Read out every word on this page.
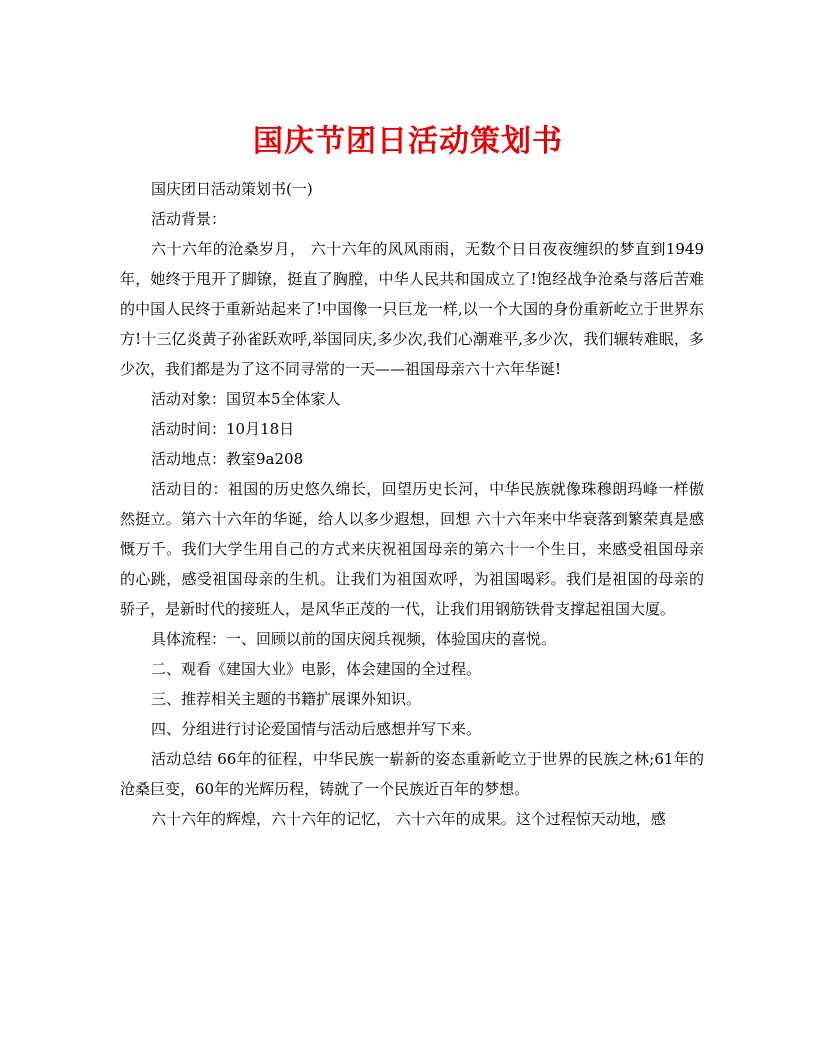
国庆节团日活动策划书

国庆团日活动策划书(一)

活动背景：

六十六年的沧桑岁月， 六十六年的风风雨雨，无数个日日夜夜缠织的梦直到1949年，她终于甩开了脚镣，挺直了胸膛，中华人民共和国成立了!饱经战争沧桑与落后苦难的中国人民终于重新站起来了!中国像一只巨龙一样,以一个大国的身份重新屹立于世界东方!十三亿炎黄子孙雀跃欢呼,举国同庆,多少次,我们心潮难平,多少次，我们辗转难眠，多少次，我们都是为了这不同寻常的一天——祖国母亲六十六年华诞!

活动对象：国贸本5全体家人

活动时间：10月18日

活动地点：教室9a208

活动目的：祖国的历史悠久绵长，回望历史长河，中华民族就像珠穆朗玛峰一样傲然挺立。第六十六年的华诞，给人以多少遐想，回想 六十六年来中华衰落到繁荣真是感慨万千。我们大学生用自己的方式来庆祝祖国母亲的第六十一个生日，来感受祖国母亲的心跳，感受祖国母亲的生机。让我们为祖国欢呼，为祖国喝彩。我们是祖国的母亲的骄子，是新时代的接班人，是风华正茂的一代，让我们用钢筋铁骨支撑起祖国大厦。

具体流程：一、回顾以前的国庆阅兵视频，体验国庆的喜悦。

二、观看《建国大业》电影，体会建国的全过程。

三、推荐相关主题的书籍扩展课外知识。

四、分组进行讨论爱国情与活动后感想并写下来。

活动总结 66年的征程，中华民族一崭新的姿态重新屹立于世界的民族之林;61年的沧桑巨变，60年的光辉历程，铸就了一个民族近百年的梦想。

六十六年的辉煌，六十六年的记忆， 六十六年的成果。这个过程惊天动地，感
